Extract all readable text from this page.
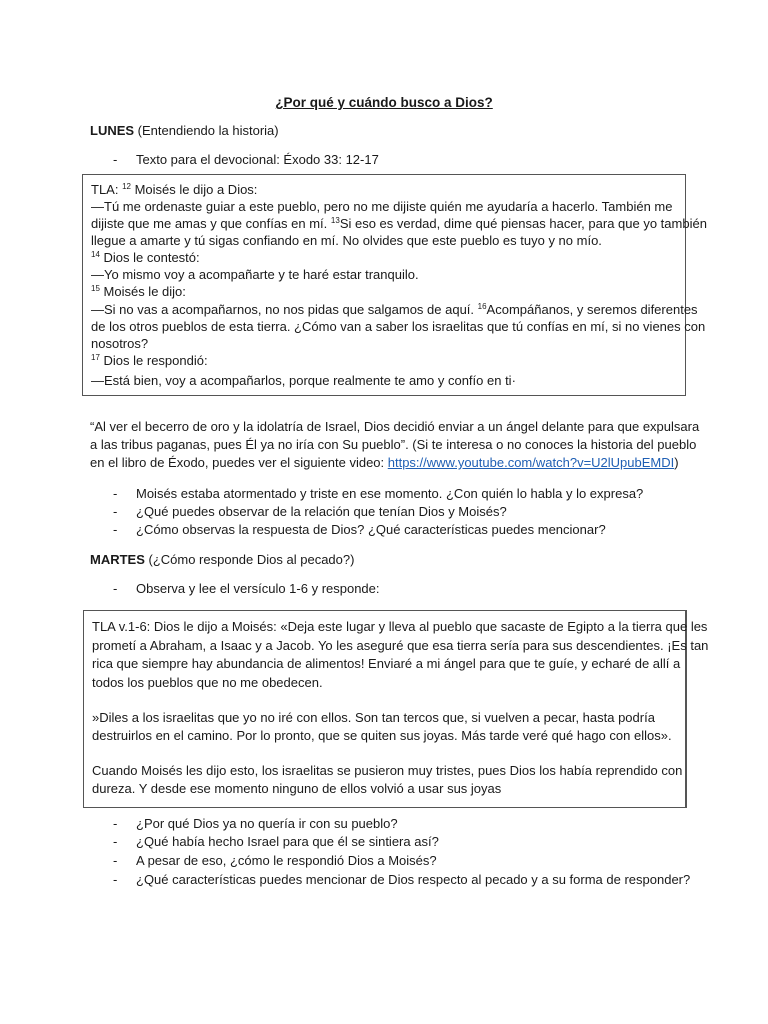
¿Por qué y cuándo busco a Dios?

LUNES (Entendiendo la historia)

- Texto para el devocional: Éxodo 33: 12-17

TLA: $^{12}$ Moisés le dijo a Dios:
—Tú me ordenaste guiar a este pueblo, pero no me dijiste quién me ayudaría a hacerlo. También me
dijiste que me amas y que confías en mí. $^{13}$Si eso es verdad, dime qué piensas hacer, para que yo también
llegue a amarte y tú sigas confiando en mí. No olvides que este pueblo es tuyo y no mío.
$^{14}$ Dios le contestó:
—Yo mismo voy a acompañarte y te haré estar tranquilo.
$^{15}$ Moisés le dijo:
—Si no vas a acompañarnos, no nos pidas que salgamos de aquí. $^{16}$Acompáñanos, y seremos diferentes
de los otros pueblos de esta tierra. ¿Cómo van a saber los israelitas que tú confías en mí, si no vienes con
nosotros?
$^{17}$ Dios le respondió:
—Está bien, voy a acompañarlos, porque realmente te amo y confío en ti·

“Al ver el becerro de oro y la idolatría de Israel, Dios decidió enviar a un ángel delante para que expulsara

a las tribus paganas, pues Él ya no iría con Su pueblo”. (Si te interesa o no conoces la historia del pueblo

en el libro de Éxodo, puedes ver el siguiente video: https://www.youtube.com/watch?v=U2lUpubEMDI)

- Moisés estaba atormentado y triste en ese momento. ¿Con quién lo habla y lo expresa?

- ¿Qué puedes observar de la relación que tenían Dios y Moisés?

- ¿Cómo observas la respuesta de Dios? ¿Qué características puedes mencionar?

MARTES (¿Cómo responde Dios al pecado?)

- Observa y lee el versículo 1-6 y responde:

TLA v.1-6: Dios le dijo a Moisés: «Deja este lugar y lleva al pueblo que sacaste de Egipto a la tierra que les
prometí a Abraham, a Isaac y a Jacob. Yo les aseguré que esa tierra sería para sus descendientes. ¡Es tan
rica que siempre hay abundancia de alimentos! Enviaré a mi ángel para que te guíe, y echaré de allí a
todos los pueblos que no me obedecen.
»Diles a los israelitas que yo no iré con ellos. Son tan tercos que, si vuelven a pecar, hasta podría
destruirlos en el camino. Por lo pronto, que se quiten sus joyas. Más tarde veré qué hago con ellos».
Cuando Moisés les dijo esto, los israelitas se pusieron muy tristes, pues Dios los había reprendido con
dureza. Y desde ese momento ninguno de ellos volvió a usar sus joyas

- ¿Por qué Dios ya no quería ir con su pueblo?

- ¿Qué había hecho Israel para que él se sintiera así?

- A pesar de eso, ¿cómo le respondió Dios a Moisés?

- ¿Qué características puedes mencionar de Dios respecto al pecado y a su forma de responder?
